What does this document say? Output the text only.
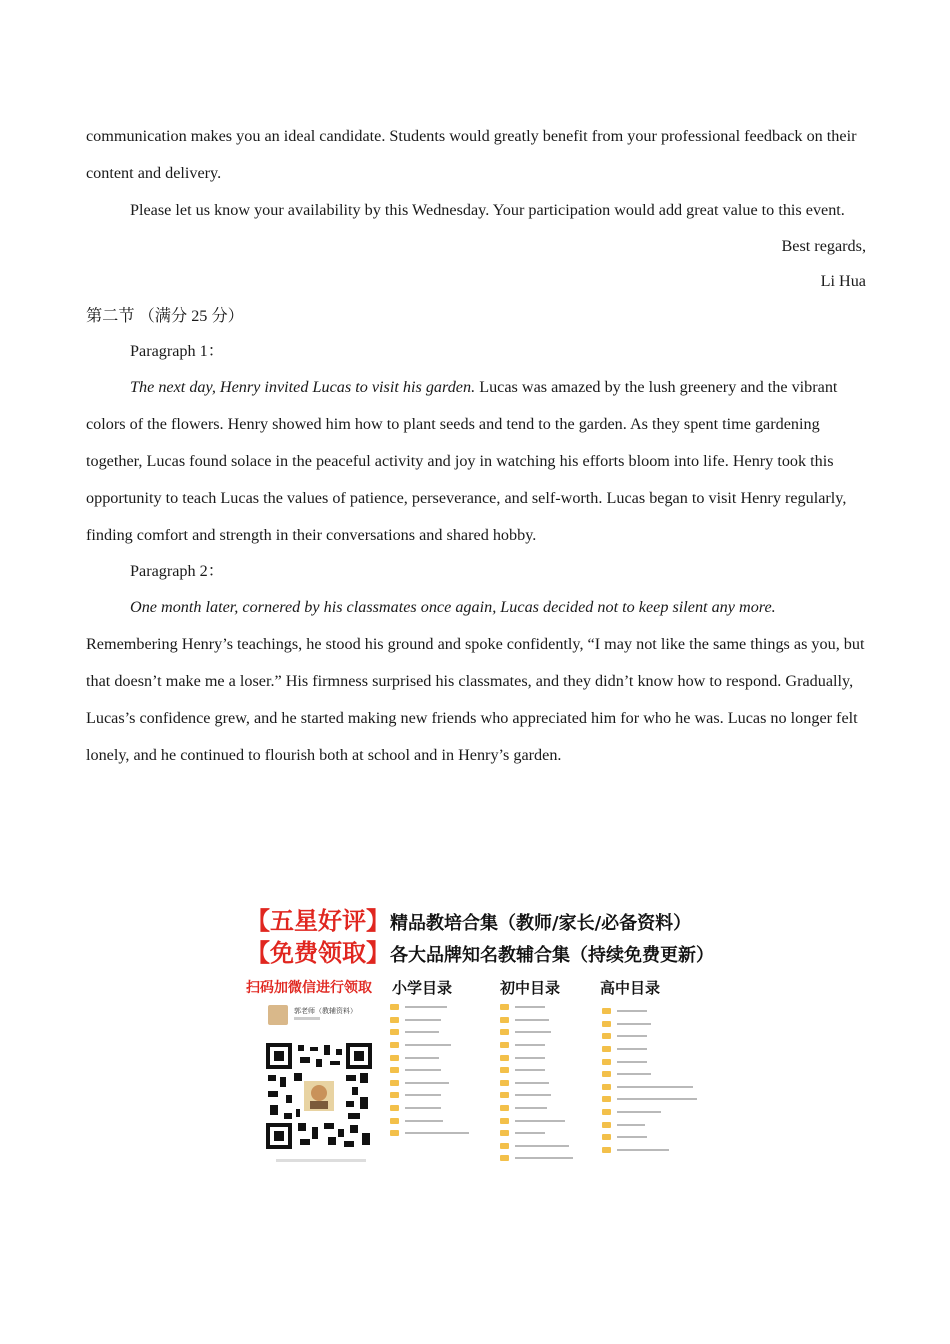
communication makes you an ideal candidate. Students would greatly benefit from your professional feedback on their content and delivery.

Please let us know your availability by this Wednesday. Your participation would add great value to this event.

Best regards,

Li Hua

第二节 （满分 25 分）

Paragraph 1：

The next day, Henry invited Lucas to visit his garden. Lucas was amazed by the lush greenery and the vibrant colors of the flowers. Henry showed him how to plant seeds and tend to the garden. As they spent time gardening together, Lucas found solace in the peaceful activity and joy in watching his efforts bloom into life. Henry took this opportunity to teach Lucas the values of patience, perseverance, and self-worth. Lucas began to visit Henry regularly, finding comfort and strength in their conversations and shared hobby.

Paragraph 2：

One month later, cornered by his classmates once again, Lucas decided not to keep silent any more. Remembering Henry’s teachings, he stood his ground and spoke confidently, “I may not like the same things as you, but that doesn’t make me a loser.” His firmness surprised his classmates, and they didn’t know how to respond. Gradually, Lucas’s confidence grew, and he started making new friends who appreciated him for who he was. Lucas no longer felt lonely, and he continued to flourish both at school and in Henry’s garden.

【五星好评】精品教培合集（教师/家长/必备资料）
【免费领取】各大品牌知名教辅合集（持续免费更新）
扫码加微信进行领取
郭老师（教辅资料）
小学目录	初中目录	高中目录
